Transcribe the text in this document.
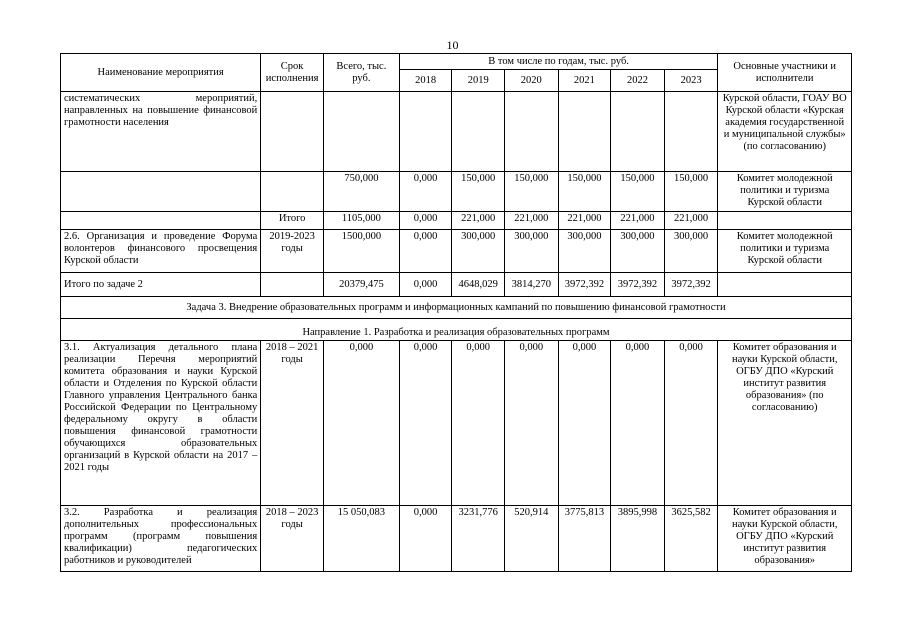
10
Наименование мероприятия	Срок исполнения	Всего, тыс. руб.	В том числе по годам, тыс. руб.						Основные участники и исполнители
			2018	2019	2020	2021	2022	2023	
систематических мероприятий, направленных на повышение финансовой грамотности населения									Курской области, ГОАУ ВО Курской области «Курская академия государственной и муниципальной службы» (по согласованию)
		750,000	0,000	150,000	150,000	150,000	150,000	150,000	Комитет молодежной политики и туризма Курской области
	Итого	1105,000	0,000	221,000	221,000	221,000	221,000	221,000	
2.6. Организация и проведение Форума волонтеров финансового просвещения Курской области	2019-2023 годы	1500,000	0,000	300,000	300,000	300,000	300,000	300,000	Комитет молодежной политики и туризма Курской области
Итого по задаче 2		20379,475	0,000	4648,029	3814,270	3972,392	3972,392	3972,392	
Задача 3. Внедрение образовательных программ и информационных кампаний по повышению финансовой грамотности									
Направление 1. Разработка и реализация образовательных программ									
3.1. Актуализация детального плана реализации Перечня мероприятий комитета образования и науки Курской области и Отделения по Курской области Главного управления Центрального банка Российской Федерации по Центральному федеральному округу в области повышения финансовой грамотности обучающихся образовательных организаций в Курской области на 2017 – 2021 годы	2018 – 2021 годы	0,000	0,000	0,000	0,000	0,000	0,000	0,000	Комитет образования и науки Курской области, ОГБУ ДПО «Курский институт развития образования» (по согласованию)
3.2. Разработка и реализация дополнительных профессиональных программ (программ повышения квалификации) педагогических работников и руководителей	2018 – 2023 годы	15 050,083	0,000	3231,776	520,914	3775,813	3895,998	3625,582	Комитет образования и науки Курской области, ОГБУ ДПО «Курский институт развития образования»
